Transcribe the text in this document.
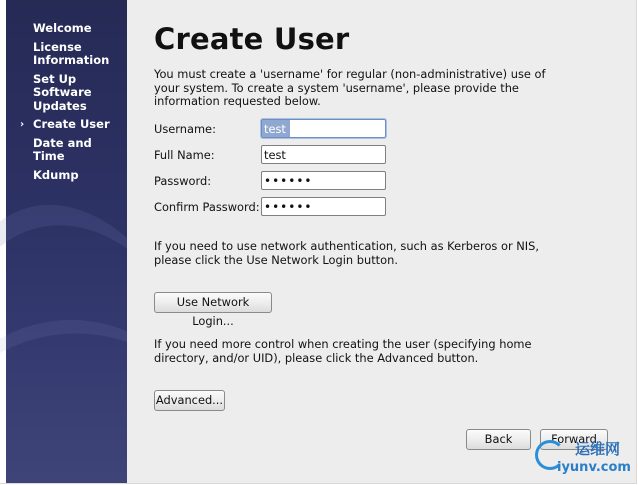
Welcome
License Information
Set Up Software Updates
› Create User
Date and Time
Kdump
Create User
You must create a 'username' for regular (non-administrative) use of your system. To create a system 'username', please provide the information requested below.
Username:
test
Full Name:
test
Password:
••••••
Confirm Password:
••••••
If you need to use network authentication, such as Kerberos or NIS, please click the Use Network Login button.
Use Network Login...
If you need more control when creating the user (specifying home directory, and/or UID), please click the Advanced button.
Advanced...
Back	Forward
运维网
iyunv.com
